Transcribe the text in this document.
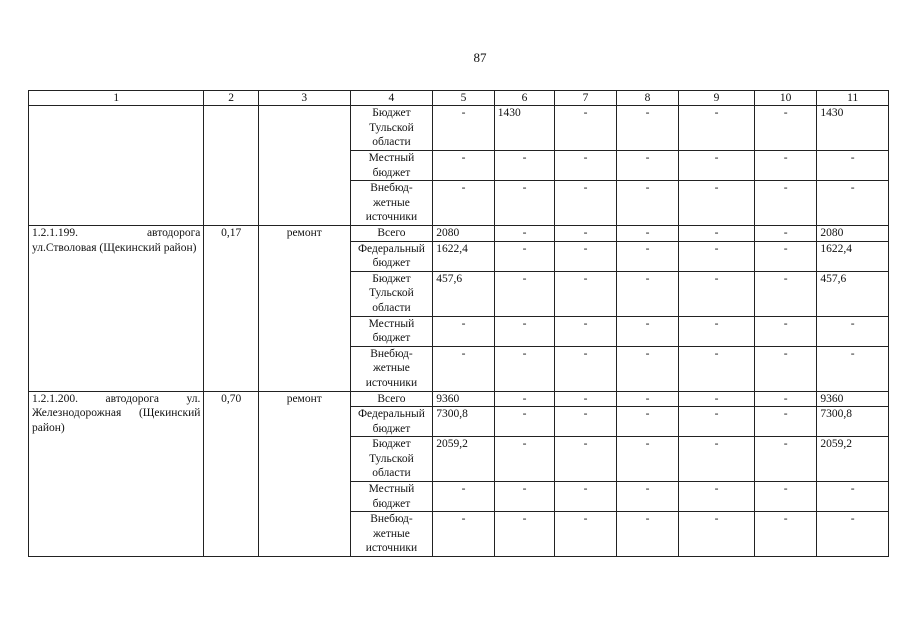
87
1	2	3	4	5	6	7	8	9	10	11
			Бюджет Тульской области	-	1430	-	-	-	-	1430
			Местный бюджет	-	-	-	-	-	-	-
			Внебюд-жетные источники	-	-	-	-	-	-	-
1.2.1.199. автодорога ул.Стволовая (Щекинский район)	0,17	ремонт	Всего	2080	-	-	-	-	-	2080
			Федеральный бюджет	1622,4	-	-	-	-	-	1622,4
			Бюджет Тульской области	457,6	-	-	-	-	-	457,6
			Местный бюджет	-	-	-	-	-	-	-
			Внебюд-жетные источники	-	-	-	-	-	-	-
1.2.1.200. автодорога ул. Железнодорожная (Щекинский район)	0,70	ремонт	Всего	9360	-	-	-	-	-	9360
			Федеральный бюджет	7300,8	-	-	-	-	-	7300,8
			Бюджет Тульской области	2059,2	-	-	-	-	-	2059,2
			Местный бюджет	-	-	-	-	-	-	-
			Внебюд-жетные источники	-	-	-	-	-	-	-
